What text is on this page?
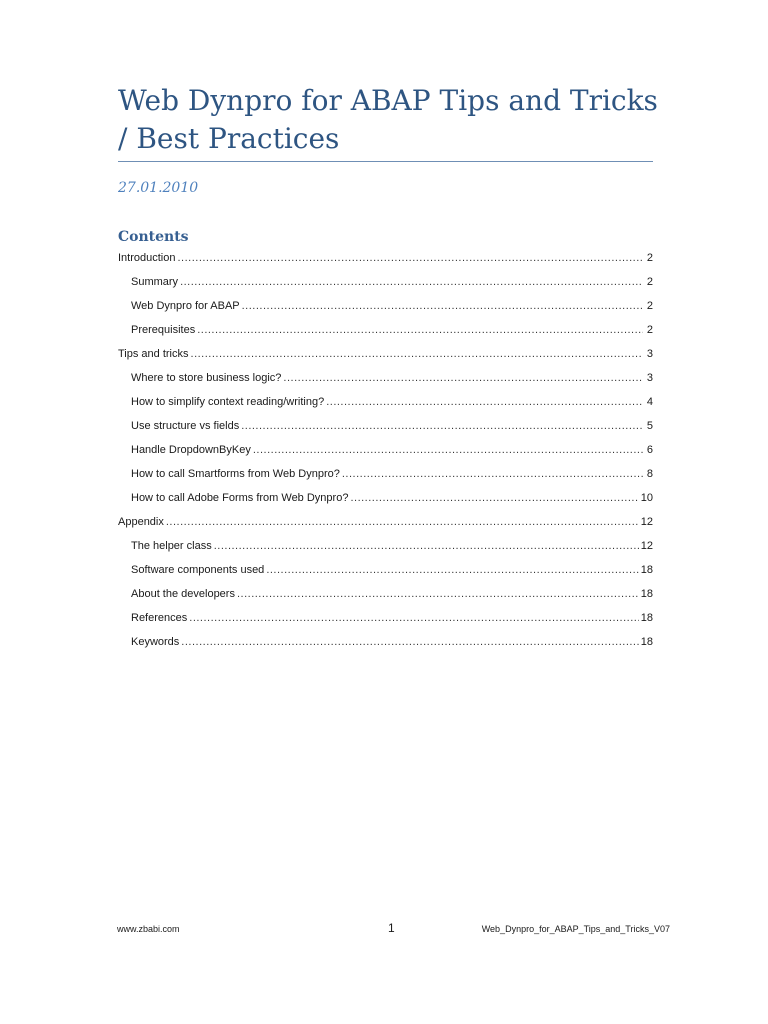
Web Dynpro for ABAP Tips and Tricks / Best Practices
27.01.2010
Contents
Introduction .....	2
Summary .....	2
Web Dynpro for ABAP .....	2
Prerequisites .....	2
Tips and tricks .....	3
Where to store business logic? .....	3
How to simplify context reading/writing? .....	4
Use structure vs fields .....	5
Handle DropdownByKey .....	6
How to call Smartforms from Web Dynpro? .....	8
How to call Adobe Forms from Web Dynpro? .....	10
Appendix .....	12
The helper class .....	12
Software components used .....	18
About the developers .....	18
References .....	18
Keywords .....	18
www.zbabi.com	1	Web_Dynpro_for_ABAP_Tips_and_Tricks_V07
